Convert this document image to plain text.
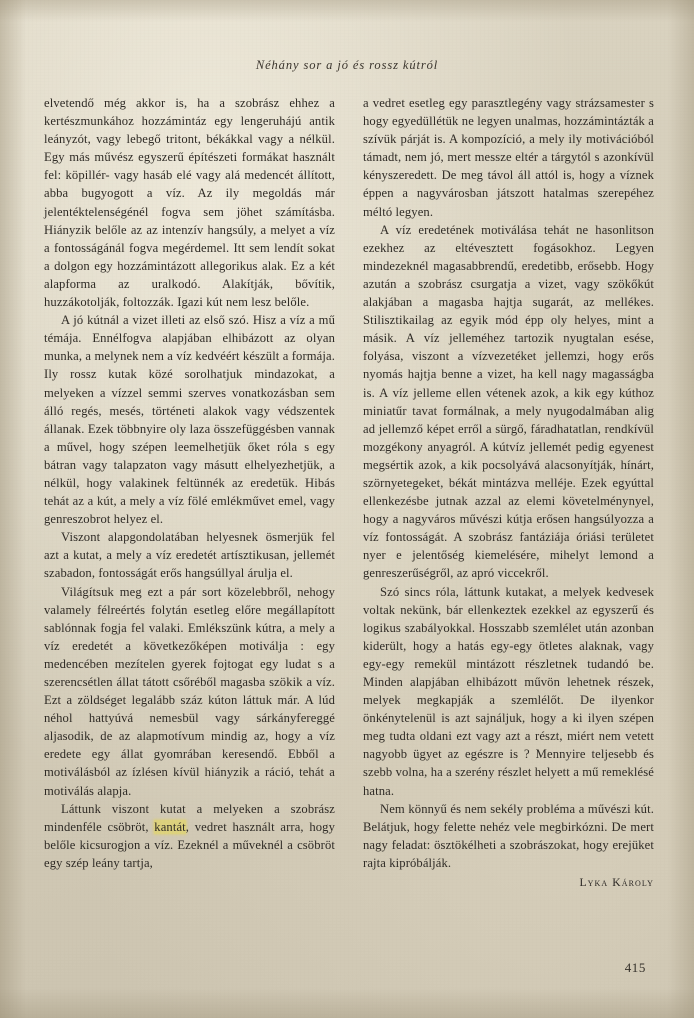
Néhány sor a jó és rossz kútról

elvetendő még akkor is, ha a szobrász ehhez a kertészmunkához hozzámintáz egy lengeruhájú antik leányzót, vagy lebegő tritont, békákkal vagy a nélkül. Egy más művész egyszerű építészeti formákat használt fel: köpillér- vagy hasáb elé vagy alá medencét állított, abba bugyogott a víz. Az ily megoldás már jelentéktelenségénél fogva sem jöhet számításba. Hiányzik belőle az az intenzív hangsúly, a melyet a víz a fontosságánál fogva megérdemel. Itt sem lendít sokat a dolgon egy hozzámintázott allegorikus alak. Ez a két alapforma az uralkodó. Alakítják, bővítik, huzzákotolják, foltozzák. Igazi kút nem lesz belőle.

A jó kútnál a vizet illeti az első szó. Hisz a víz a mű témája. Ennélfogva alapjában elhibázott az olyan munka, a melynek nem a víz kedvéért készült a formája. Ily rossz kutak közé sorolhatjuk mindazokat, a melyeken a vízzel semmi szerves vonatkozásban sem álló regés, mesés, történeti alakok vagy védszentek állanak. Ezek többnyire oly laza összefüggésben vannak a művel, hogy szépen leemelhetjük őket róla s egy bátran vagy talapzaton vagy másutt elhelyezhetjük, a nélkül, hogy valakinek feltünnék az eredetük. Hibás tehát az a kút, a mely a víz fölé emlékművet emel, vagy genreszobrot helyez el.

Viszont alapgondolatában helyesnek ösmerjük fel azt a kutat, a mely a víz eredetét artísztikusan, jellemét szabadon, fontosságát erős hangsúllyal árulja el.

Világítsuk meg ezt a pár sort közelebbről, nehogy valamely félreértés folytán esetleg előre megállapított sablónnak fogja fel valaki. Emlékszünk kútra, a mely a víz eredetét a következőképen motiválja : egy medencében mezítelen gyerek fojtogat egy ludat s a szerencsétlen állat tátott csőréből magasba szökik a víz. Ezt a zöldséget legalább száz kúton láttuk már. A lúd néhol hattyúvá nemesbül vagy sárkányfereggé aljasodik, de az alapmotívum mindig az, hogy a víz eredete egy állat gyomrában keresendő. Ebből a motiválásból az ízlésen kívül hiányzik a ráció, tehát a motiválás alapja.

Láttunk viszont kutat a melyeken a szobrász mindenféle csöbröt, kantát, vedret használt arra, hogy belőle kicsurogjon a víz. Ezeknél a műveknél a csöbröt egy szép leány tartja,

a vedret esetleg egy parasztlegény vagy strázsamester s hogy egyedüllétük ne legyen unalmas, hozzámintázták a szívük párját is. A kompozíció, a mely ily motivációból támadt, nem jó, mert messze eltér a tárgytól s azonkívül kényszeredett. De meg távol áll attól is, hogy a víznek éppen a nagyvárosban játszott hatalmas szerepéhez méltó legyen.

A víz eredetének motiválása tehát ne hasonlitson ezekhez az eltévesztett fogásokhoz. Legyen mindezeknél magasabbrendű, eredetibb, erősebb. Hogy azután a szobrász csurgatja a vizet, vagy szökőkút alakjában a magasba hajtja sugarát, az mellékes. Stilisztikailag az egyik mód épp oly helyes, mint a másik. A víz jelleméhez tartozik nyugtalan esése, folyása, viszont a vízvezetéket jellemzi, hogy erős nyomás hajtja benne a vizet, ha kell nagy magasságba is. A víz jelleme ellen vétenek azok, a kik egy kúthoz miniatűr tavat formálnak, a mely nyugodalmában alig ad jellemző képet erről a sürgő, fáradhatatlan, rendkívül mozgékony anyagról. A kútvíz jellemét pedig egyenest megsértik azok, a kik pocsolyává alacsonyítják, hínárt, szörnyetegeket, békát mintázva melléje. Ezek egyúttal ellenkezésbe jutnak azzal az elemi követelménynyel, hogy a nagyváros művészi kútja erősen hangsúlyozza a víz fontosságát. A szobrász fantáziája óriási területet nyer e jelentőség kiemelésére, mihelyt lemond a genreszerűségről, az apró viccekről.

Szó sincs róla, láttunk kutakat, a melyek kedvesek voltak nekünk, bár ellenkeztek ezekkel az egyszerű és logikus szabályokkal. Hosszabb szemlélet után azonban kiderült, hogy a hatás egy-egy ötletes alaknak, vagy egy-egy remekül mintázott részletnek tudandó be. Minden alapjában elhibázott művön lehetnek részek, melyek megkapják a szemlélőt. De ilyenkor önkénytelenül is azt sajnáljuk, hogy a ki ilyen szépen meg tudta oldani ezt vagy azt a részt, miért nem vetett nagyobb ügyet az egészre is ? Mennyire teljesebb és szebb volna, ha a szerény részlet helyett a mű remeklésé hatna.

Nem könnyű és nem sekély probléma a művészi kút. Belátjuk, hogy felette nehéz vele megbirkózni. De mert nagy feladat: ösztökélheti a szobrászokat, hogy erejüket rajta kipróbálják.

Lyka Károly
415
